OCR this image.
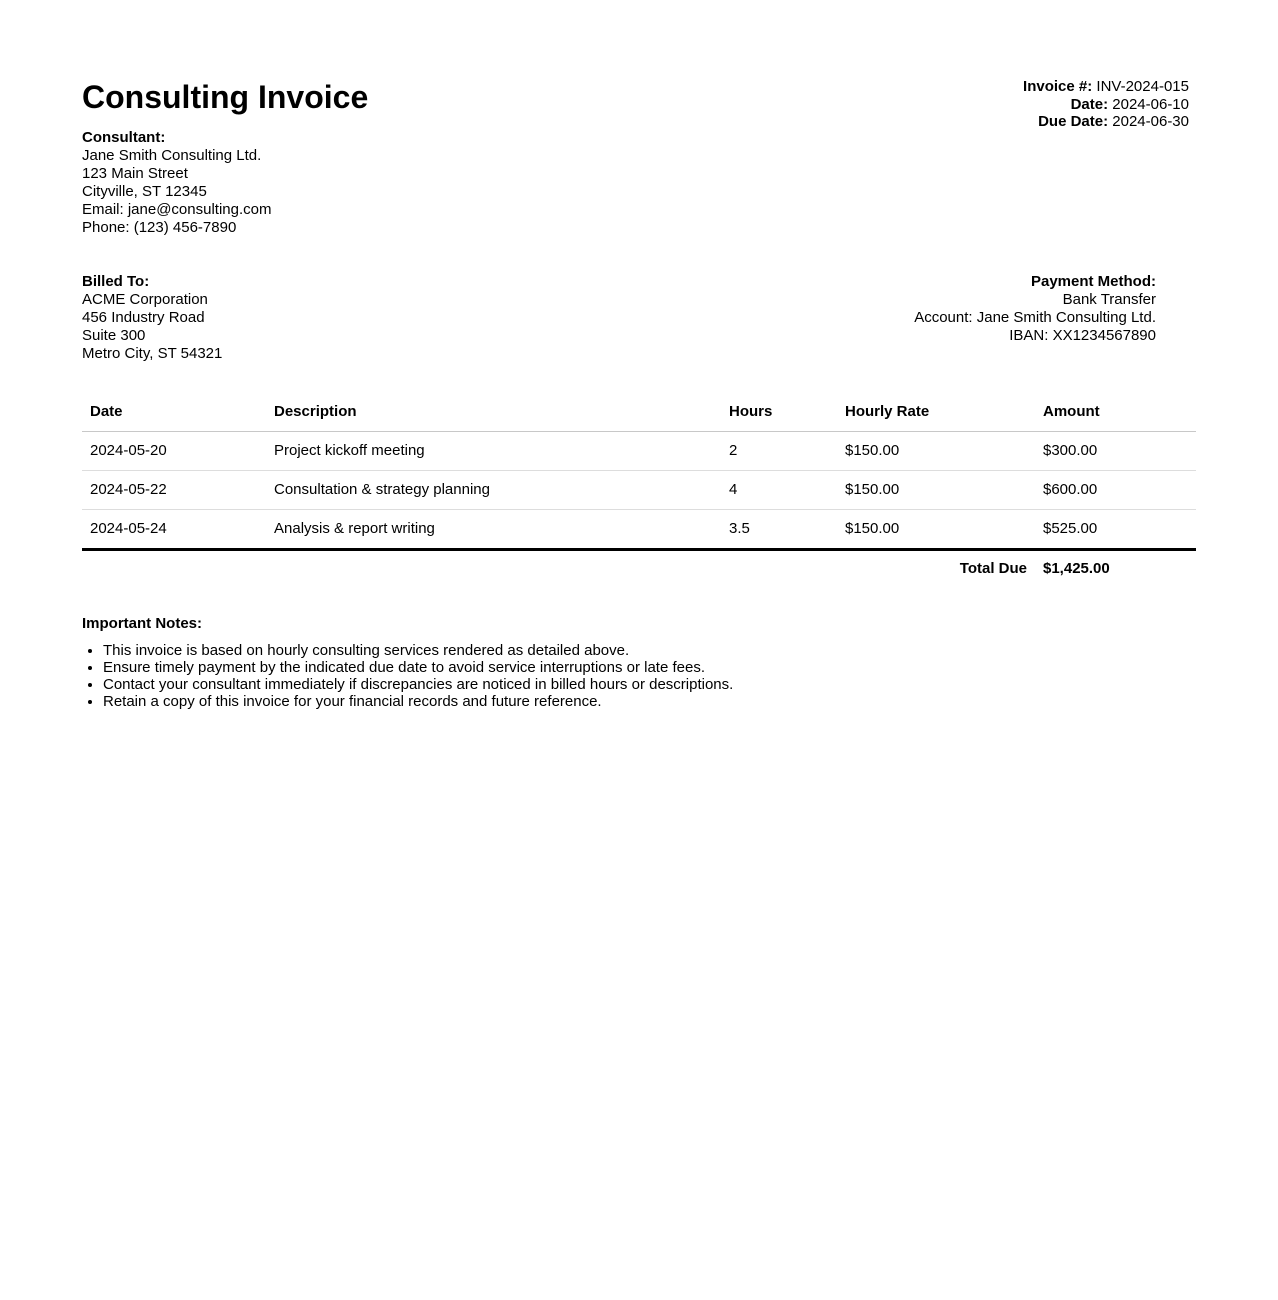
Consulting Invoice	Invoice #: INV-2024-015
Date: 2024-06-10
Due Date: 2024-06-30
Consultant:
Jane Smith Consulting Ltd.
123 Main Street
Cityville, ST 12345
Email: jane@consulting.com
Phone: (123) 456-7890
Billed To:
ACME Corporation
456 Industry Road
Suite 300
Metro City, ST 54321
Payment Method:
Bank Transfer
Account: Jane Smith Consulting Ltd.
IBAN: XX1234567890
Date	Description	Hours	Hourly Rate	Amount
2024-05-20	Project kickoff meeting	2	$150.00	$300.00
2024-05-22	Consultation & strategy planning	4	$150.00	$600.00
2024-05-24	Analysis & report writing	3.5	$150.00	$525.00
Total Due				$1,425.00
Important Notes:
• This invoice is based on hourly consulting services rendered as detailed above.
• Ensure timely payment by the indicated due date to avoid service interruptions or late fees.
• Contact your consultant immediately if discrepancies are noticed in billed hours or descriptions.
• Retain a copy of this invoice for your financial records and future reference.
